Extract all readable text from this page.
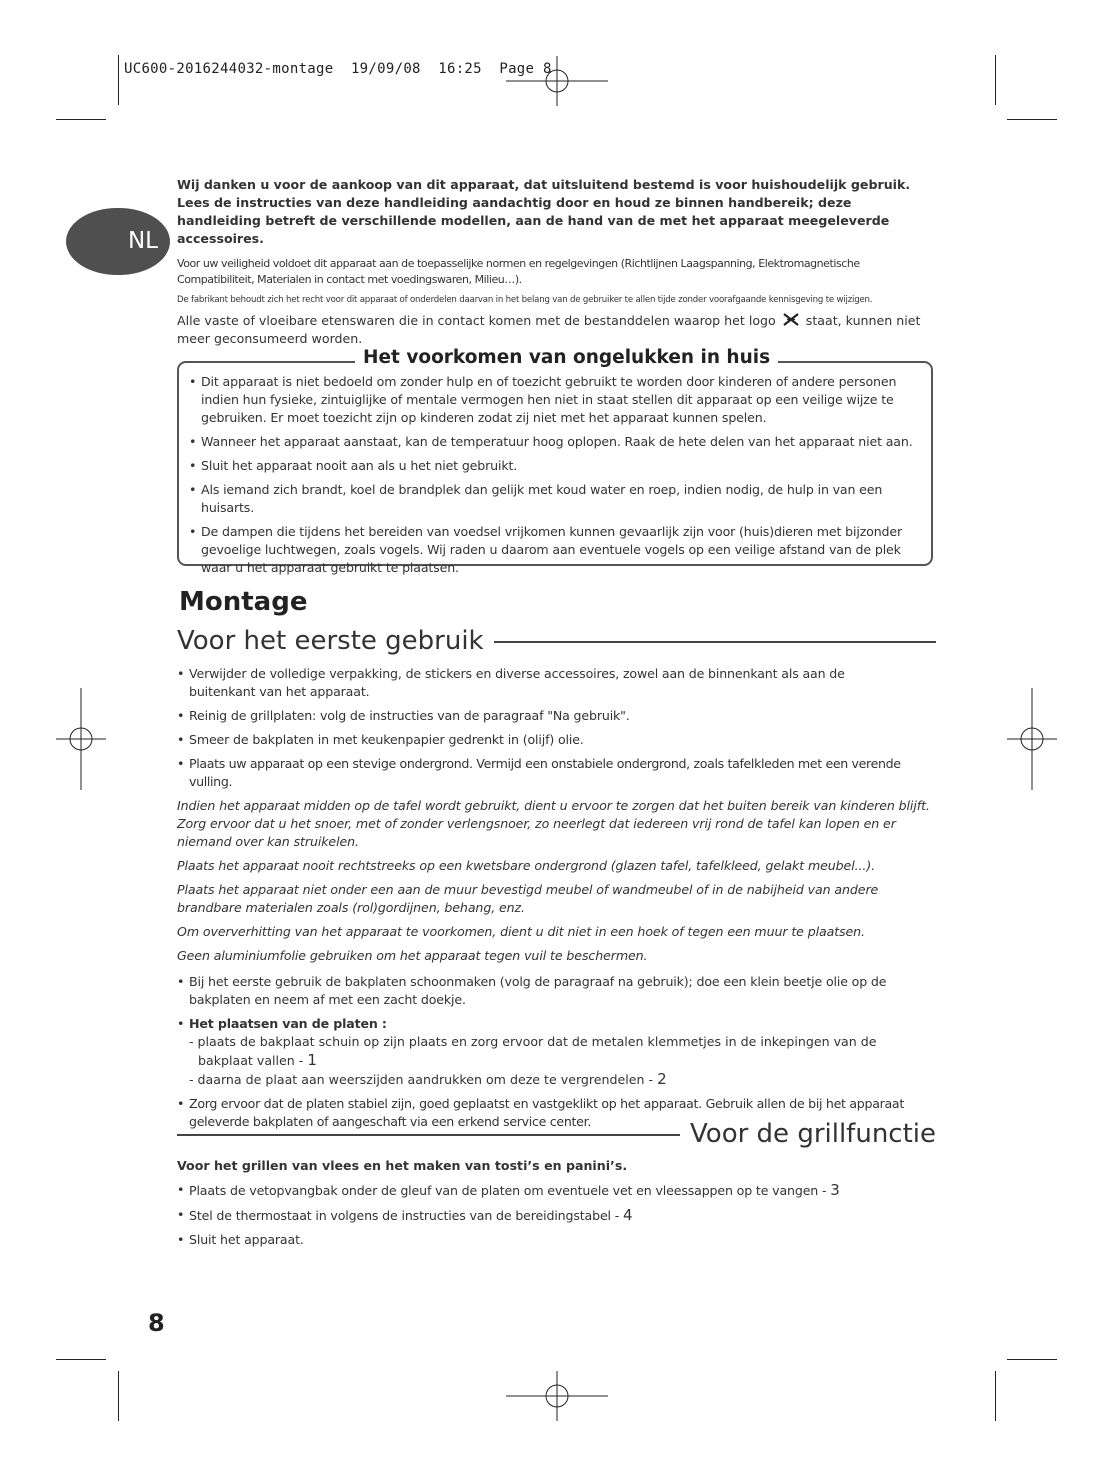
UC600-2016244032-montage  19/09/08  16:25  Page 8
NL
Wij danken u voor de aankoop van dit apparaat, dat uitsluitend bestemd is voor huishoudelijk gebruik.
Lees de instructies van deze handleiding aandachtig door en houd ze binnen handbereik; deze handleiding betreft de verschillende modellen, aan de hand van de met het apparaat meegeleverde accessoires.
Voor uw veiligheid voldoet dit apparaat aan de toepasselijke normen en regelgevingen (Richtlijnen Laagspanning, Elektromagnetische Compatibiliteit, Materialen in contact met voedingswaren, Milieu…).
De fabrikant behoudt zich het recht voor dit apparaat of onderdelen daarvan in het belang van de gebruiker te allen tijde zonder voorafgaande kennisgeving te wijzigen.
Alle vaste of vloeibare etenswaren die in contact komen met de bestanddelen waarop het logo staat, kunnen niet meer geconsumeerd worden.
Het voorkomen van ongelukken in huis
• Dit apparaat is niet bedoeld om zonder hulp en of toezicht gebruikt te worden door kinderen of andere personen indien hun fysieke, zintuiglijke of mentale vermogen hen niet in staat stellen dit apparaat op een veilige wijze te gebruiken. Er moet toezicht zijn op kinderen zodat zij niet met het apparaat kunnen spelen.
• Wanneer het apparaat aanstaat, kan de temperatuur hoog oplopen. Raak de hete delen van het apparaat niet aan.
• Sluit het apparaat nooit aan als u het niet gebruikt.
• Als iemand zich brandt, koel de brandplek dan gelijk met koud water en roep, indien nodig, de hulp in van een huisarts.
• De dampen die tijdens het bereiden van voedsel vrijkomen kunnen gevaarlijk zijn voor (huis)dieren met bijzonder gevoelige luchtwegen, zoals vogels. Wij raden u daarom aan eventuele vogels op een veilige afstand van de plek waar u het apparaat gebruikt te plaatsen.
Montage
Voor het eerste gebruik
• Verwijder de volledige verpakking, de stickers en diverse accessoires, zowel aan de binnenkant als aan de buitenkant van het apparaat.
• Reinig de grillplaten: volg de instructies van de paragraaf "Na gebruik".
• Smeer de bakplaten in met keukenpapier gedrenkt in (olijf) olie.
• Plaats uw apparaat op een stevige ondergrond. Vermijd een onstabiele ondergrond, zoals tafelkleden met een verende vulling.
Indien het apparaat midden op de tafel wordt gebruikt, dient u ervoor te zorgen dat het buiten bereik van kinderen blijft. Zorg ervoor dat u het snoer, met of zonder verlengsnoer, zo neerlegt dat iedereen vrij rond de tafel kan lopen en er niemand over kan struikelen.
Plaats het apparaat nooit rechtstreeks op een kwetsbare ondergrond (glazen tafel, tafelkleed, gelakt meubel...).
Plaats het apparaat niet onder een aan de muur bevestigd meubel of wandmeubel of in de nabijheid van andere brandbare materialen zoals (rol)gordijnen, behang, enz.
Om oververhitting van het apparaat te voorkomen, dient u dit niet in een hoek of tegen een muur te plaatsen.
Geen aluminiumfolie gebruiken om het apparaat tegen vuil te beschermen.
• Bij het eerste gebruik de bakplaten schoonmaken (volg de paragraaf na gebruik); doe een klein beetje olie op de bakplaten en neem af met een zacht doekje.
• Het plaatsen van de platen :
- plaats de bakplaat schuin op zijn plaats en zorg ervoor dat de metalen klemmetjes in de inkepingen van de bakplaat vallen - 1
- daarna de plaat aan weerszijden aandrukken om deze te vergrendelen - 2
• Zorg ervoor dat de platen stabiel zijn, goed geplaatst en vastgeklikt op het apparaat. Gebruik allen de bij het apparaat geleverde bakplaten of aangeschaft via een erkend service center.	Voor de grillfunctie
Voor het grillen van vlees en het maken van tosti’s en panini’s.
• Plaats de vetopvangbak onder de gleuf van de platen om eventuele vet en vleessappen op te vangen - 3
• Stel de thermostaat in volgens de instructies van de bereidingstabel - 4
• Sluit het apparaat.
8
